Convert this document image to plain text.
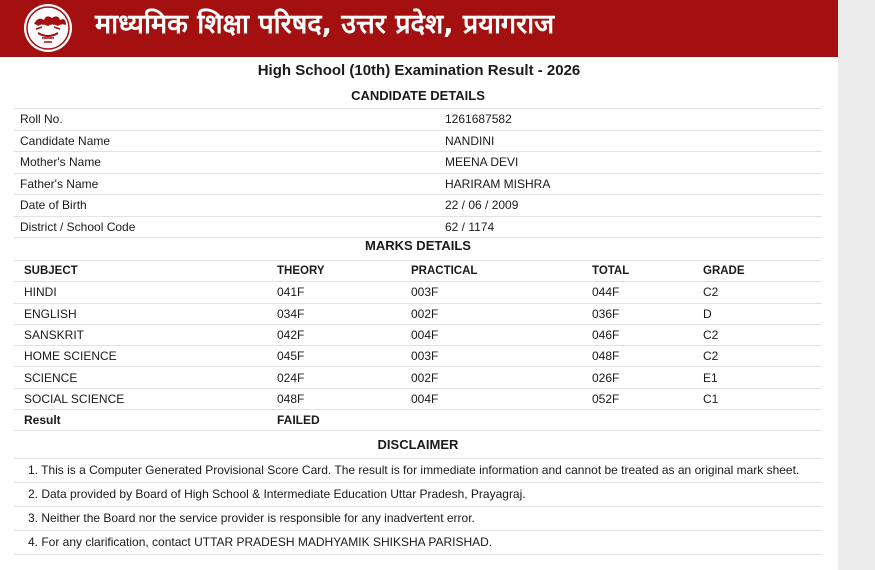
माध्यमिक शिक्षा परिषद, उत्तर प्रदेश, प्रयागराज
High School (10th) Examination Result - 2026
CANDIDATE DETAILS
Roll No.	1261687582
Candidate Name	NANDINI
Mother's Name	MEENA DEVI
Father's Name	HARIRAM MISHRA
Date of Birth	22 / 06 / 2009
District / School Code	62 / 1174
MARKS DETAILS
SUBJECT	THEORY	PRACTICAL	TOTAL	GRADE
HINDI	041F	003F	044F	C2
ENGLISH	034F	002F	036F	D
SANSKRIT	042F	004F	046F	C2
HOME SCIENCE	045F	003F	048F	C2
SCIENCE	024F	002F	026F	E1
SOCIAL SCIENCE	048F	004F	052F	C1
Result	FAILED			
DISCLAIMER
1. This is a Computer Generated Provisional Score Card. The result is for immediate information and cannot be treated as an original mark sheet.
2. Data provided by Board of High School & Intermediate Education Uttar Pradesh, Prayagraj.
3. Neither the Board nor the service provider is responsible for any inadvertent error.
4. For any clarification, contact UTTAR PRADESH MADHYAMIK SHIKSHA PARISHAD.
